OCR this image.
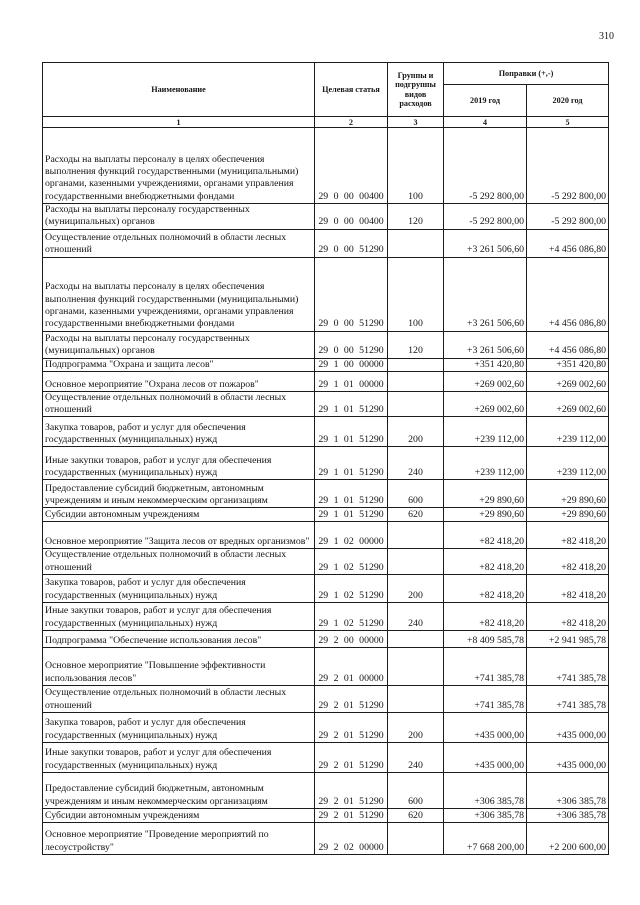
310
Наименование	Целевая статья	Группы и
подгруппы
видов
расходов	Поправки (+,-)	
			2019 год	2020 год
1	2	3	4	5

Расходы на выплаты персоналу в целях обеспечения
выполнения функций государственными (муниципальными)
органами, казенными учреждениями, органами управления
государственными внебюджетными фондами	29 0 00 00400	100	-5 292 800,00	-5 292 800,00

Расходы на выплаты персоналу государственных
(муниципальных) органов	29 0 00 00400	120	-5 292 800,00	-5 292 800,00

Осуществление отдельных полномочий в области лесных
отношений	29 0 00 51290		+3 261 506,60	+4 456 086,80

Расходы на выплаты персоналу в целях обеспечения
выполнения функций государственными (муниципальными)
органами, казенными учреждениями, органами управления
государственными внебюджетными фондами	29 0 00 51290	100	+3 261 506,60	+4 456 086,80

Расходы на выплаты персоналу государственных
(муниципальных) органов	29 0 00 51290	120	+3 261 506,60	+4 456 086,80

Подпрограмма "Охрана и защита лесов"	29 1 00 00000		+351 420,80	+351 420,80

Основное мероприятие "Охрана лесов от пожаров"	29 1 01 00000		+269 002,60	+269 002,60

Осуществление отдельных полномочий в области лесных
отношений	29 1 01 51290		+269 002,60	+269 002,60

Закупка товаров, работ и услуг для обеспечения
государственных (муниципальных) нужд	29 1 01 51290	200	+239 112,00	+239 112,00

Иные закупки товаров, работ и услуг для обеспечения
государственных (муниципальных) нужд	29 1 01 51290	240	+239 112,00	+239 112,00

Предоставление субсидий бюджетным, автономным
учреждениям и иным некоммерческим организациям	29 1 01 51290	600	+29 890,60	+29 890,60

Субсидии автономным учреждениям	29 1 01 51290	620	+29 890,60	+29 890,60

Основное мероприятие "Защита лесов от вредных организмов"	29 1 02 00000		+82 418,20	+82 418,20

Осуществление отдельных полномочий в области лесных
отношений	29 1 02 51290		+82 418,20	+82 418,20

Закупка товаров, работ и услуг для обеспечения
государственных (муниципальных) нужд	29 1 02 51290	200	+82 418,20	+82 418,20

Иные закупки товаров, работ и услуг для обеспечения
государственных (муниципальных) нужд	29 1 02 51290	240	+82 418,20	+82 418,20

Подпрограмма "Обеспечение использования лесов"	29 2 00 00000		+8 409 585,78	+2 941 985,78

Основное мероприятие "Повышение эффективности
использования лесов"	29 2 01 00000		+741 385,78	+741 385,78

Осуществление отдельных полномочий в области лесных
отношений	29 2 01 51290		+741 385,78	+741 385,78

Закупка товаров, работ и услуг для обеспечения
государственных (муниципальных) нужд	29 2 01 51290	200	+435 000,00	+435 000,00

Иные закупки товаров, работ и услуг для обеспечения
государственных (муниципальных) нужд	29 2 01 51290	240	+435 000,00	+435 000,00

Предоставление субсидий бюджетным, автономным
учреждениям и иным некоммерческим организациям	29 2 01 51290	600	+306 385,78	+306 385,78

Субсидии автономным учреждениям	29 2 01 51290	620	+306 385,78	+306 385,78

Основное мероприятие "Проведение мероприятий по
лесоустройству"	29 2 02 00000		+7 668 200,00	+2 200 600,00
